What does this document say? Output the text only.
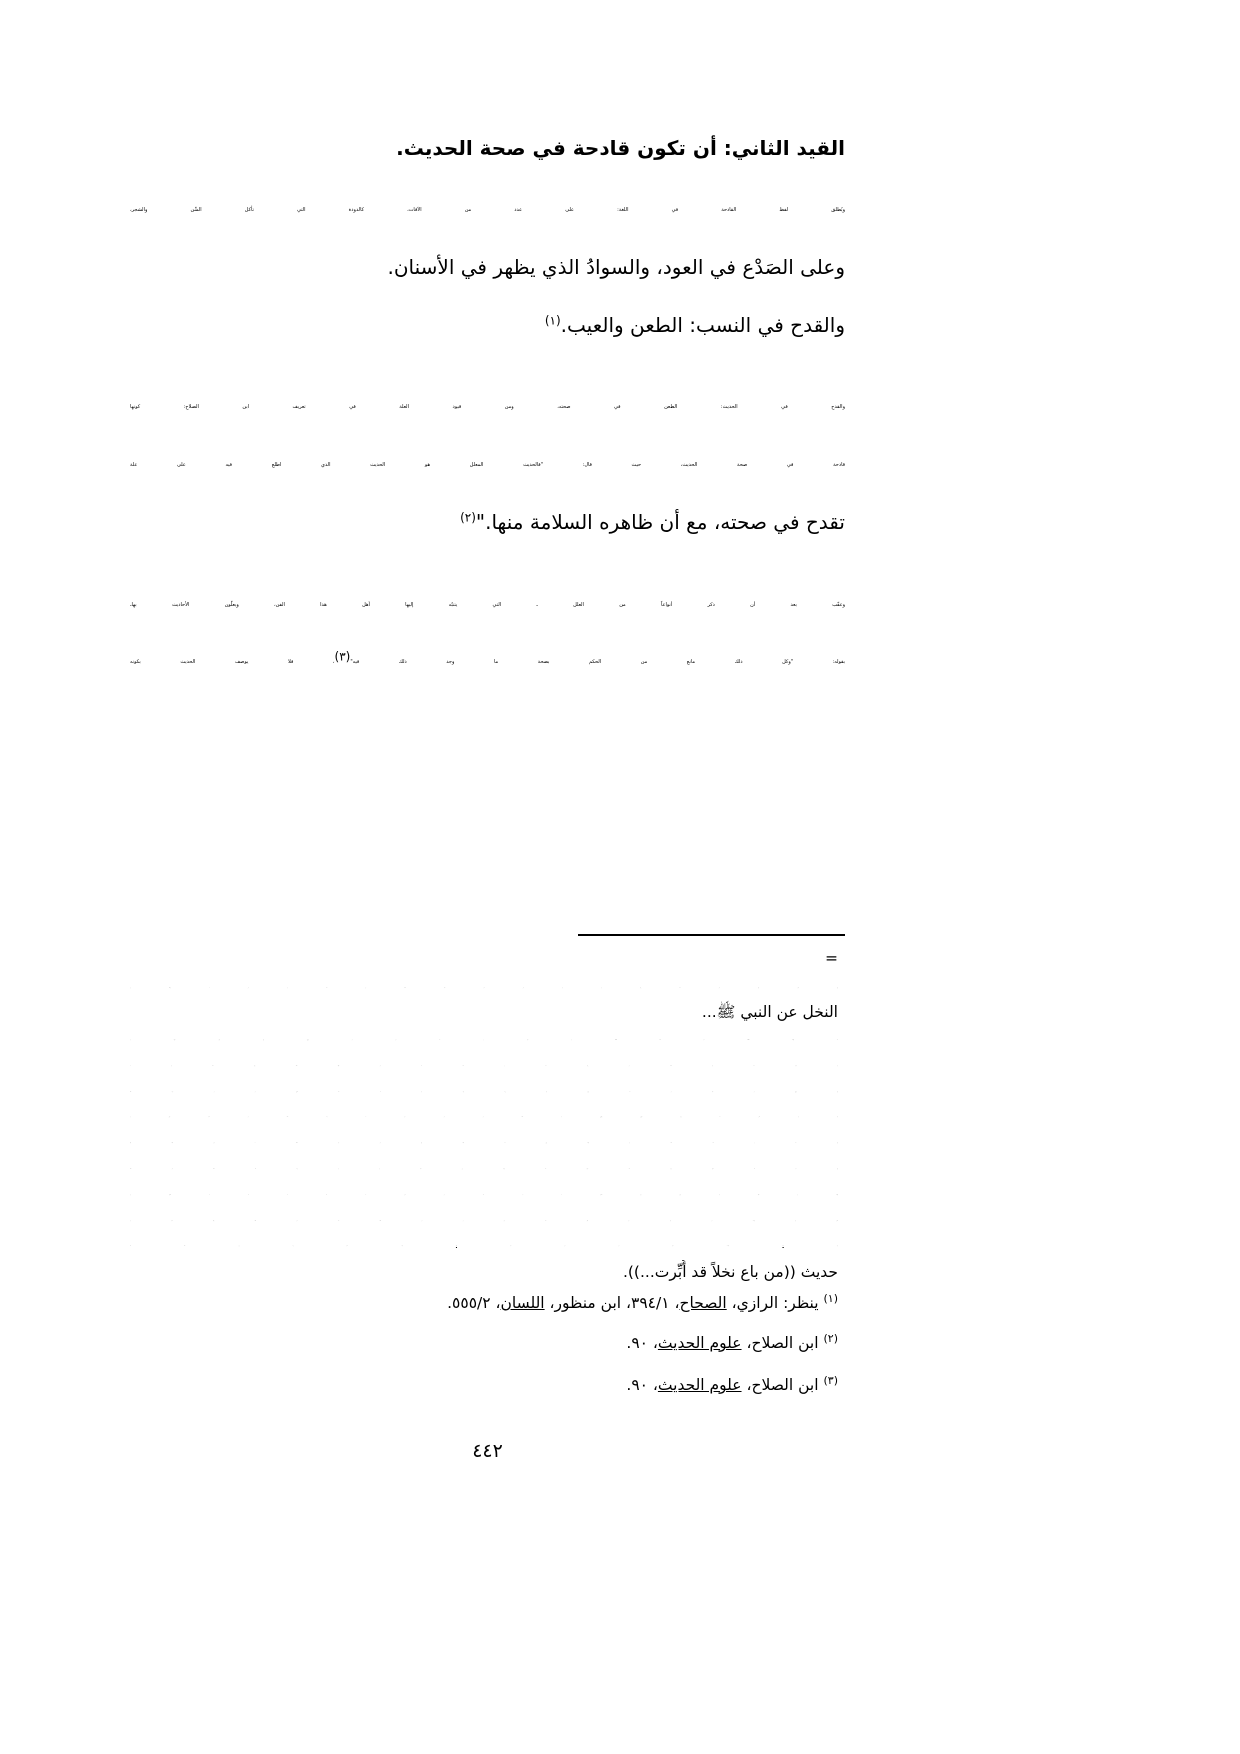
القيد الثاني: أن تكون قادحة في صحة الحديث.
ويُطلق لفظ القادحة في اللغة: على عدد من الآفات، كالدودة التي تأكل السِّن والشجر،
وعلى الصَدْع في العود، والسوادُ الذي يظهر في الأسنان.
والقدح في النسب: الطعن والعيب.$^{(١)}$
والقدح في الحديث: الطعن في صحته، ومن قيود العلة في تعريف ابن الصلاح: كونها
قادحة في صحة الحديث، حيث قال: "فالحديث المعلل هو الحديث الذي اطلع فيه على علة
تقدح في صحته، مع أن ظاهره السلامة منها."$^{(٢)}$
وعقّب بعد أن ذكر أنواعاً من العلل ـ التي يتنبّه إليها أهل هذا الفن، ويعلّون الأحاديث بهاـ
بقوله: "وكل ذلك مانع من الحكم بصحة ما وجد ذلك فيه"$^{(٣)}$، فلا يوصف الحديث بكونه
=
النخل عن النبي ﷺ...
حديث ((من باع نخلاً قد أُبِّرت...)).
$^{(١)}$ ينظر: الرازي، الصحاح، ٣٩٤/١، ابن منظور، اللسان، ٥٥٥/٢.
$^{(٢)}$ ابن الصلاح، علوم الحديث، ٩٠.
$^{(٣)}$ ابن الصلاح، علوم الحديث، ٩٠.
٤٤٢
